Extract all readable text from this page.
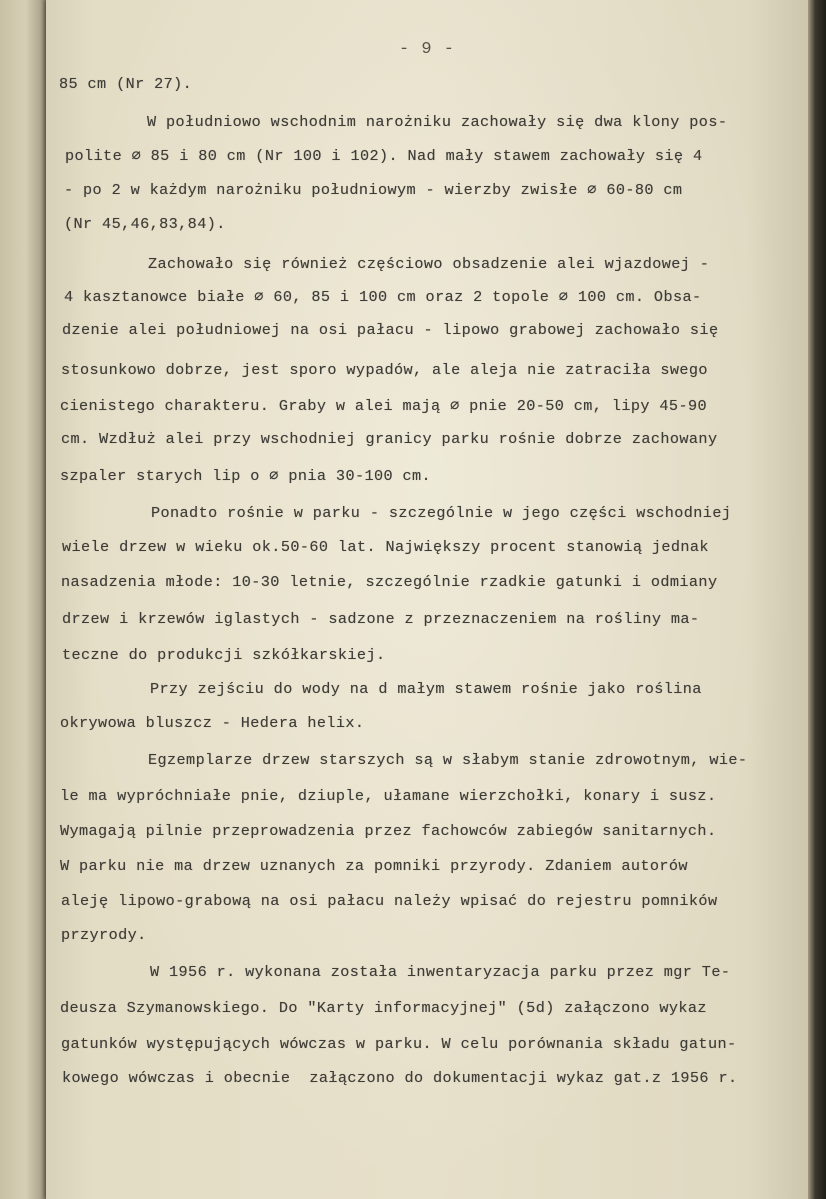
- 9 -
85 cm (Nr 27).
W południowo wschodnim narożniku zachowały się dwa klony pos-
polite ⌀ 85 i 80 cm (Nr 100 i 102). Nad mały stawem zachowały się 4
- po 2 w każdym narożniku południowym - wierzby zwisłe ⌀ 60-80 cm
(Nr 45,46,83,84).
Zachowało się również częściowo obsadzenie alei wjazdowej -
4 kasztanowce białe ⌀ 60, 85 i 100 cm oraz 2 topole ⌀ 100 cm. Obsa-
dzenie alei południowej na osi pałacu - lipowo grabowej zachowało się
stosunkowo dobrze, jest sporo wypadów, ale aleja nie zatraciła swego
cienistego charakteru. Graby w alei mają ⌀ pnie 20-50 cm, lipy 45-90
cm. Wzdłuż alei przy wschodniej granicy parku rośnie dobrze zachowany
szpaler starych lip o ⌀ pnia 30-100 cm.
Ponadto rośnie w parku - szczególnie w jego części wschodniej
wiele drzew w wieku ok.50-60 lat. Największy procent stanowią jednak
nasadzenia młode: 10-30 letnie, szczególnie rzadkie gatunki i odmiany
drzew i krzewów iglastych - sadzone z przeznaczeniem na rośliny ma-
teczne do produkcji szkółkarskiej.
Przy zejściu do wody na d małym stawem rośnie jako roślina
okrywowa bluszcz - Hedera helix.
Egzemplarze drzew starszych są w słabym stanie zdrowotnym, wie-
le ma wypróchniałe pnie, dziuple, ułamane wierzchołki, konary i susz.
Wymagają pilnie przeprowadzenia przez fachowców zabiegów sanitarnych.
W parku nie ma drzew uznanych za pomniki przyrody. Zdaniem autorów
aleję lipowo-grabową na osi pałacu należy wpisać do rejestru pomników
przyrody.
W 1956 r. wykonana została inwentaryzacja parku przez mgr Te-
deusza Szymanowskiego. Do "Karty informacyjnej" (5d) załączono wykaz
gatunków występujących wówczas w parku. W celu porównania składu gatun-
kowego wówczas i obecnie  załączono do dokumentacji wykaz gat.z 1956 r.
